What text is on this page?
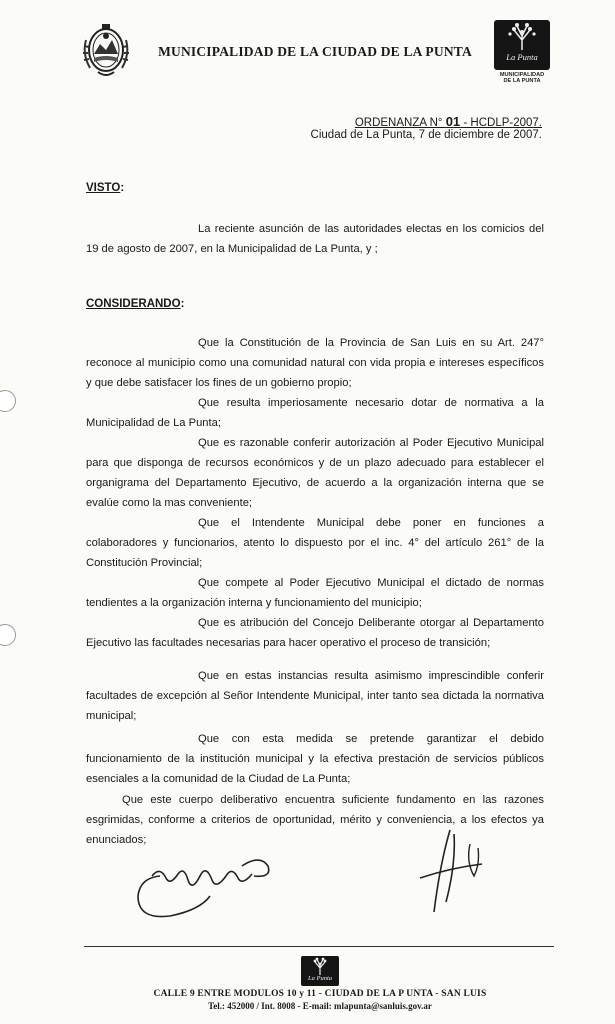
MUNICIPALIDAD DE LA CIUDAD DE LA PUNTA	La Punta
MUNICIPALIDAD
DE LA PUNTA
ORDENANZA N° 01 - HCDLP-2007.
Ciudad de La Punta, 7 de diciembre de 2007.
VISTO:
La reciente asunción de las autoridades electas en los comicios del 19 de agosto de 2007, en la Municipalidad de La Punta, y ;
CONSIDERANDO:
Que la Constitución de la Provincia de San Luis en su Art. 247° reconoce al municipio como una comunidad natural con vida propia e intereses específicos y que debe satisfacer los fines de un gobierno propio;
Que resulta imperiosamente necesario dotar de normativa a la Municipalidad de La Punta;
Que es razonable conferir autorización al Poder Ejecutivo Municipal para que disponga de recursos económicos y de un plazo adecuado para establecer el organigrama del Departamento Ejecutivo, de acuerdo a la organización interna que se evalúe como la mas conveniente;
Que el Intendente Municipal debe poner en funciones a colaboradores y funcionarios, atento lo dispuesto por el inc. 4° del artículo 261° de la Constitución Provincial;
Que compete al Poder Ejecutivo Municipal el dictado de normas tendientes a la organización interna y funcionamiento del municipio;
Que es atribución del Concejo Deliberante otorgar al Departamento Ejecutivo las facultades necesarias para hacer operativo el proceso de transición;
Que en estas instancias resulta asimismo imprescindible conferir facultades de excepción al Señor Intendente Municipal, inter tanto sea dictada la normativa municipal;
Que con esta medida se pretende garantizar el debido funcionamiento de la institución municipal y la efectiva prestación de servicios públicos esenciales a la comunidad de la Ciudad de La Punta;
Que este cuerpo deliberativo encuentra suficiente fundamento en las razones esgrimidas, conforme a criterios de oportunidad, mérito y conveniencia, a los efectos ya enunciados;
La Punta
CALLE 9 ENTRE MODULOS 10 y 11 - CIUDAD DE LA P UNTA - SAN LUIS
Tel.: 452000 / Int. 8008 - E-mail: mlapunta@sanluis.gov.ar
